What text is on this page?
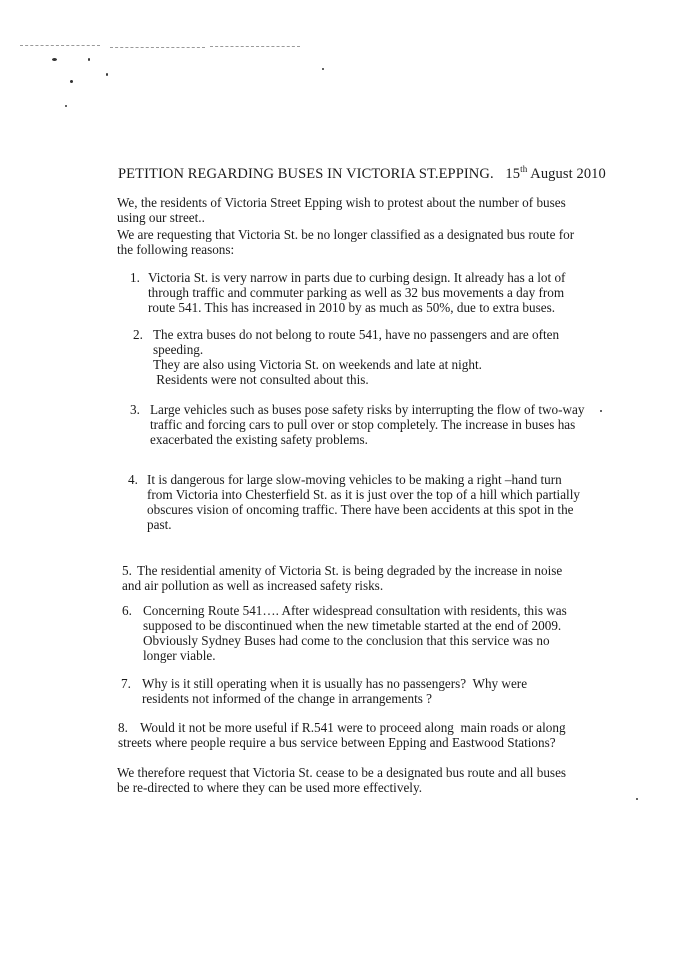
PETITION REGARDING BUSES IN VICTORIA ST.EPPING. 15th August 2010
We, the residents of Victoria Street Epping wish to protest about the number of buses
using our street..
We are requesting that Victoria St. be no longer classified as a designated bus route for
the following reasons:
1. Victoria St. is very narrow in parts due to curbing design. It already has a lot of
through traffic and commuter parking as well as 32 bus movements a day from
route 541. This has increased in 2010 by as much as 50%, due to extra buses.
2. The extra buses do not belong to route 541, have no passengers and are often
speeding.
They are also using Victoria St. on weekends and late at night.
Residents were not consulted about this.
3. Large vehicles such as buses pose safety risks by interrupting the flow of two-way
traffic and forcing cars to pull over or stop completely. The increase in buses has
exacerbated the existing safety problems.
4. It is dangerous for large slow-moving vehicles to be making a right –hand turn
from Victoria into Chesterfield St. as it is just over the top of a hill which partially
obscures vision of oncoming traffic. There have been accidents at this spot in the
past.
5. The residential amenity of Victoria St. is being degraded by the increase in noise
and air pollution as well as increased safety risks.
6. Concerning Route 541…. After widespread consultation with residents, this was
supposed to be discontinued when the new timetable started at the end of 2009.
Obviously Sydney Buses had come to the conclusion that this service was no
longer viable.
7. Why is it still operating when it is usually has no passengers?  Why were
residents not informed of the change in arrangements ?
8. Would it not be more useful if R.541 were to proceed along  main roads or along
streets where people require a bus service between Epping and Eastwood Stations?
We therefore request that Victoria St. cease to be a designated bus route and all buses
be re-directed to where they can be used more effectively.
